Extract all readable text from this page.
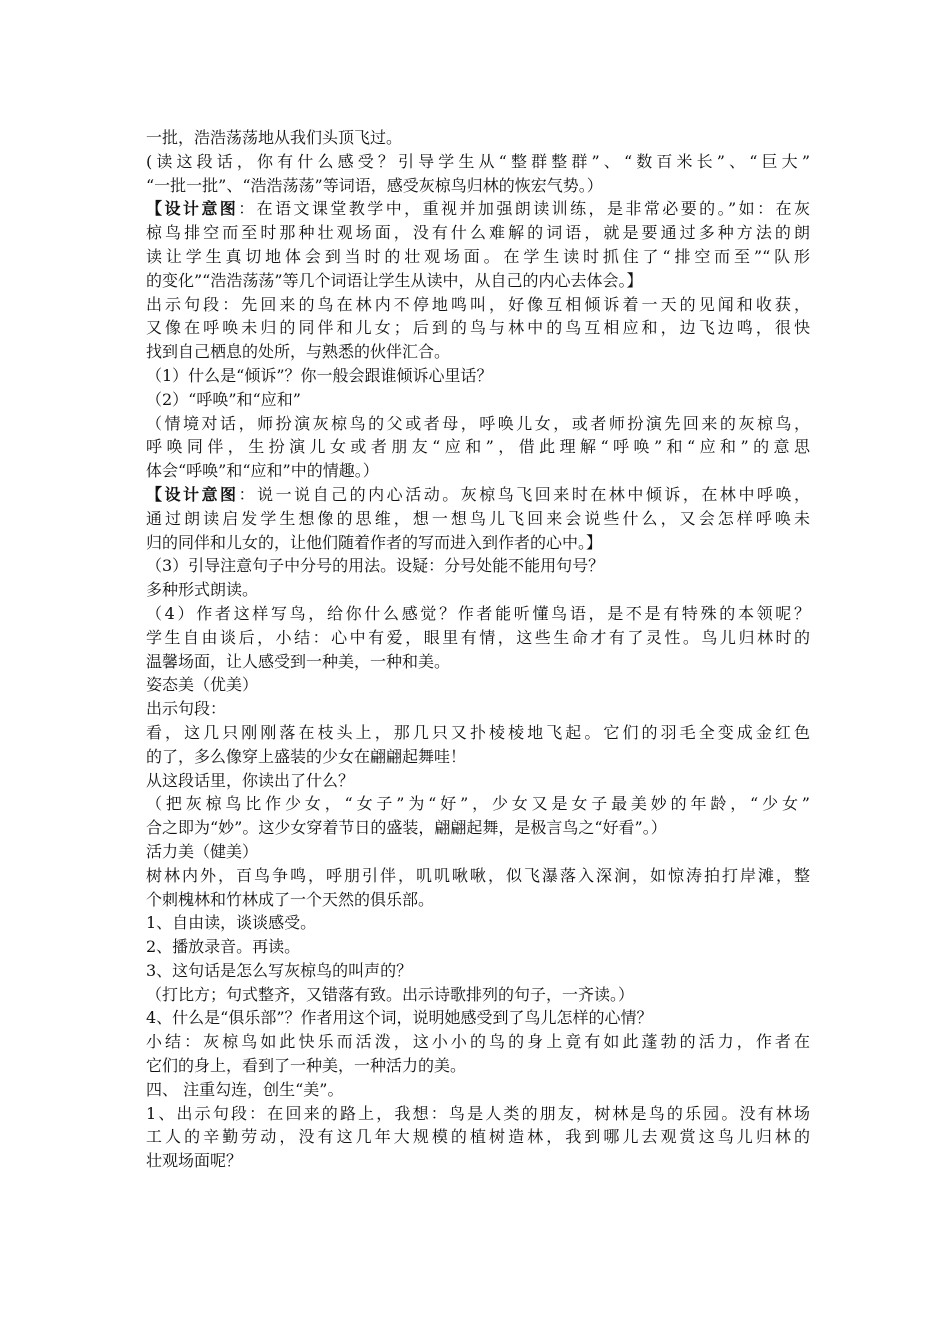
一批，浩浩荡荡地从我们头顶飞过。
(读这段话，你有什么感受？引导学生从“整群整群”、“数百米长”、“巨大”
“一批一批”、“浩浩荡荡”等词语，感受灰椋鸟归林的恢宏气势。）
【设计意图：在语文课堂教学中，重视并加强朗读训练，是非常必要的。”如：在灰
椋鸟排空而至时那种壮观场面，没有什么难解的词语，就是要通过多种方法的朗
读让学生真切地体会到当时的壮观场面。在学生读时抓住了“排空而至”“队形
的变化”“浩浩荡荡”等几个词语让学生从读中，从自己的内心去体会。】
出示句段：先回来的鸟在林内不停地鸣叫，好像互相倾诉着一天的见闻和收获，
又像在呼唤未归的同伴和儿女；后到的鸟与林中的鸟互相应和，边飞边鸣，很快
找到自己栖息的处所，与熟悉的伙伴汇合。
（1）什么是“倾诉”？你一般会跟谁倾诉心里话？
（2）“呼唤”和“应和”
（情境对话，师扮演灰椋鸟的父或者母，呼唤儿女，或者师扮演先回来的灰椋鸟，
呼唤同伴，生扮演儿女或者朋友“应和”，借此理解“呼唤”和“应和”的意思
体会“呼唤”和“应和”中的情趣。）
【设计意图：说一说自己的内心活动。灰椋鸟飞回来时在林中倾诉，在林中呼唤，
通过朗读启发学生想像的思维，想一想鸟儿飞回来会说些什么，又会怎样呼唤未
归的同伴和儿女的，让他们随着作者的写而进入到作者的心中。】
（3）引导注意句子中分号的用法。设疑：分号处能不能用句号？
多种形式朗读。
（4）作者这样写鸟，给你什么感觉？作者能听懂鸟语，是不是有特殊的本领呢？
学生自由谈后，小结：心中有爱，眼里有情，这些生命才有了灵性。鸟儿归林时的
温馨场面，让人感受到一种美，一种和美。
姿态美（优美）
出示句段：
看，这几只刚刚落在枝头上，那几只又扑棱棱地飞起。它们的羽毛全变成金红色
的了，多么像穿上盛装的少女在翩翩起舞哇！
从这段话里，你读出了什么？
（把灰椋鸟比作少女，“女子”为“好”，少女又是女子最美妙的年龄，“少女”
合之即为“妙”。这少女穿着节日的盛装，翩翩起舞，是极言鸟之“好看”。）
活力美（健美）
树林内外，百鸟争鸣，呼朋引伴，叽叽啾啾，似飞瀑落入深涧，如惊涛拍打岸滩，整
个刺槐林和竹林成了一个天然的俱乐部。
1、自由读，谈谈感受。
2、播放录音。再读。
3、这句话是怎么写灰椋鸟的叫声的？
（打比方；句式整齐，又错落有致。出示诗歌排列的句子，一齐读。）
4、什么是“俱乐部”？作者用这个词，说明她感受到了鸟儿怎样的心情？
小结：灰椋鸟如此快乐而活泼，这小小的鸟的身上竟有如此蓬勃的活力，作者在
它们的身上，看到了一种美，一种活力的美。
四、 注重勾连，创生“美”。
1、出示句段：在回来的路上，我想：鸟是人类的朋友，树林是鸟的乐园。没有林场
工人的辛勤劳动，没有这几年大规模的植树造林，我到哪儿去观赏这鸟儿归林的
壮观场面呢？
